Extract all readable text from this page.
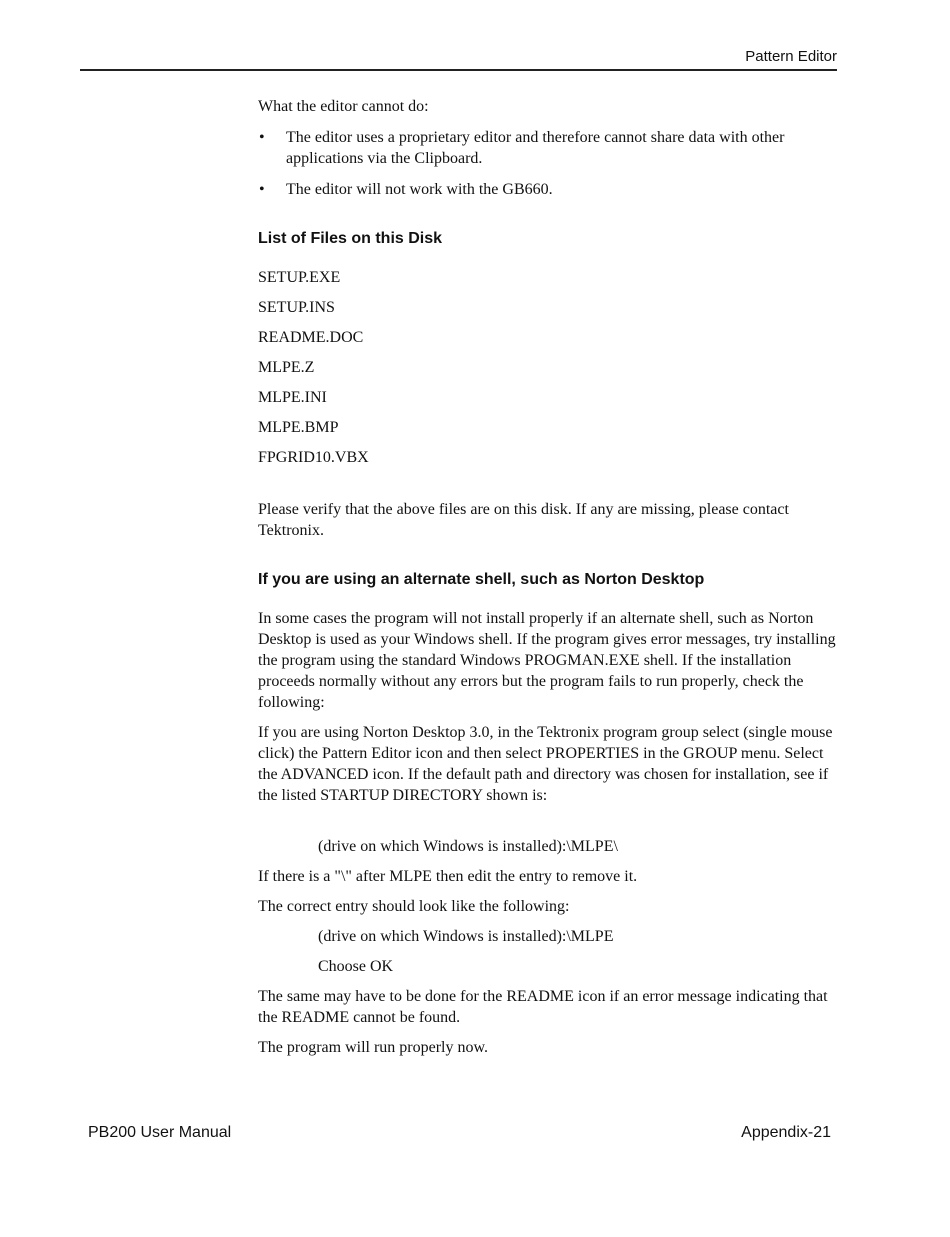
Pattern Editor

What the editor cannot do:

• The editor uses a proprietary editor and therefore cannot share data with other applications via the Clipboard.
• The editor will not work with the GB660.
List of Files on this Disk
SETUP.EXE
SETUP.INS
README.DOC
MLPE.Z
MLPE.INI
MLPE.BMP
FPGRID10.VBX

Please verify that the above files are on this disk. If any are missing, please contact Tektronix.

If you are using an alternate shell, such as Norton Desktop

In some cases the program will not install properly if an alternate shell, such as Norton Desktop is used as your Windows shell. If the program gives error messages, try installing the program using the standard Windows PROGMAN.EXE shell. If the installation proceeds normally without any errors but the program fails to run properly, check the following:

If you are using Norton Desktop 3.0, in the Tektronix program group select (single mouse click) the Pattern Editor icon and then select PROPERTIES in the GROUP menu. Select the ADVANCED icon. If the default path and directory was chosen for installation, see if the listed STARTUP DIRECTORY shown is:

(drive on which Windows is installed):\MLPE\

If there is a "\" after MLPE then edit the entry to remove it.

The correct entry should look like the following:

(drive on which Windows is installed):\MLPE

Choose OK

The same may have to be done for the README icon if an error message indicating that the README cannot be found.

The program will run properly now.

PB200 User Manual	Appendix-21
